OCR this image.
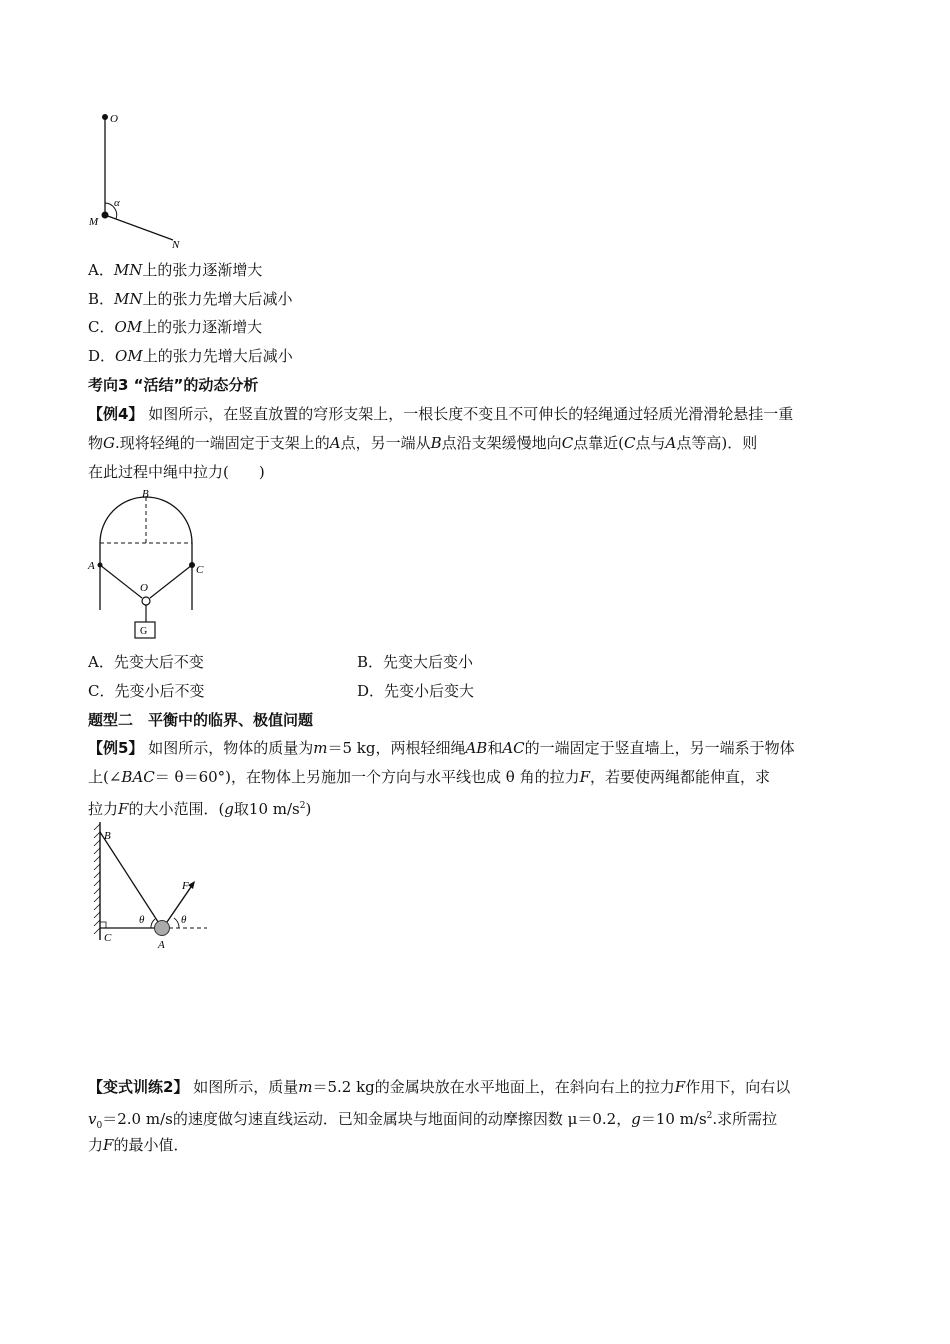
O
M
α
N
A．MN上的张力逐渐增大
B．MN上的张力先增大后减小
C．OM上的张力逐渐增大
D．OM上的张力先增大后减小
考向3 “活结”的动态分析
【例4】 如图所示，在竖直放置的穹形支架上，一根长度不变且不可伸长的轻绳通过轻质光滑滑轮悬挂一重
物G.现将轻绳的一端固定于支架上的A点，另一端从B点沿支架缓慢地向C点靠近(C点与A点等高)．则
在此过程中绳中拉力(　　)
B
A	C
O
G
A．先变大后不变	B．先变大后变小
C．先变小后不变	D．先变小后变大
题型二　平衡中的临界、极值问题
【例5】 如图所示，物体的质量为m＝5 kg，两根轻细绳AB和AC的一端固定于竖直墙上，另一端系于物体
上(∠BAC＝ θ＝60°)，在物体上另施加一个方向与水平线也成 θ 角的拉力F，若要使两绳都能伸直，求
拉力F的大小范围．(g取10 $m/s^2$)
B
F
θ	θ
C
A
【变式训练2】 如图所示，质量m＝5.2 kg的金属块放在水平地面上，在斜向右上的拉力F作用下，向右以
$v_0=2.0$ m/s的速度做匀速直线运动．已知金属块与地面间的动摩擦因数 μ＝0.2，g＝10 $m/s^2$.求所需拉
力F的最小值．
